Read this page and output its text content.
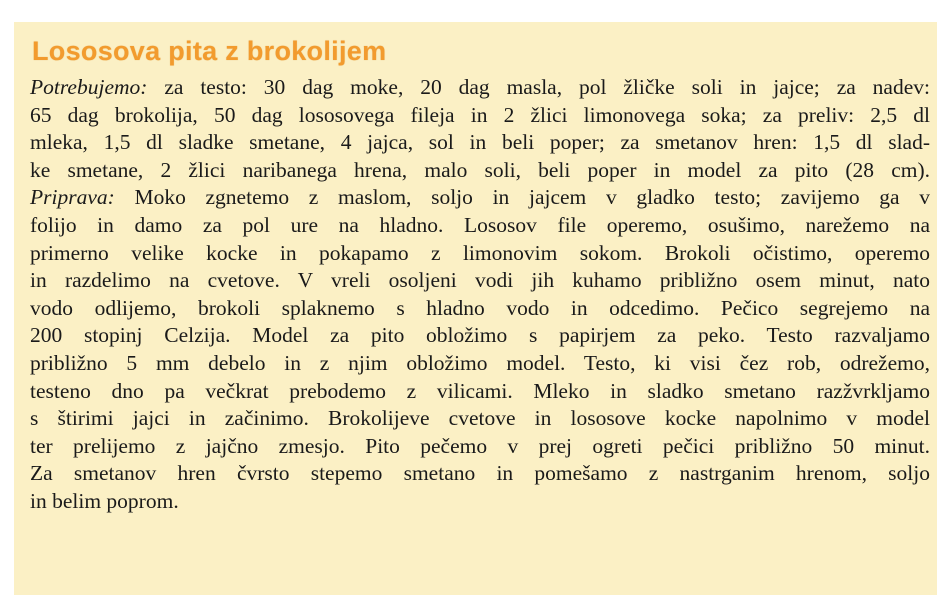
Lososova pita z brokolijem
Potrebujemo: za testo: 30 dag moke, 20 dag masla, pol žličke soli in jajce; za nadev:
65 dag brokolija, 50 dag lososovega fileja in 2 žlici limonovega soka; za preliv: 2,5 dl
mleka, 1,5 dl sladke smetane, 4 jajca, sol in beli poper; za smetanov hren: 1,5 dl slad-
ke smetane, 2 žlici naribanega hrena, malo soli, beli poper in model za pito (28 cm).
Priprava: Moko zgnetemo z maslom, soljo in jajcem v gladko testo; zavijemo ga v
folijo in damo za pol ure na hladno. Lososov file operemo, osušimo, narežemo na
primerno velike kocke in pokapamo z limonovim sokom. Brokoli očistimo, operemo
in razdelimo na cvetove. V vreli osoljeni vodi jih kuhamo približno osem minut, nato
vodo odlijemo, brokoli splaknemo s hladno vodo in odcedimo. Pečico segrejemo na
200 stopinj Celzija. Model za pito obložimo s papirjem za peko. Testo razvaljamo
približno 5 mm debelo in z njim obložimo model. Testo, ki visi čez rob, odrežemo,
testeno dno pa večkrat prebodemo z vilicami. Mleko in sladko smetano razžvrkljamo
s štirimi jajci in začinimo. Brokolijeve cvetove in lososove kocke napolnimo v model
ter prelijemo z jajčno zmesjo. Pito pečemo v prej ogreti pečici približno 50 minut.
Za smetanov hren čvrsto stepemo smetano in pomešamo z nastrganim hrenom, soljo
in belim poprom.
